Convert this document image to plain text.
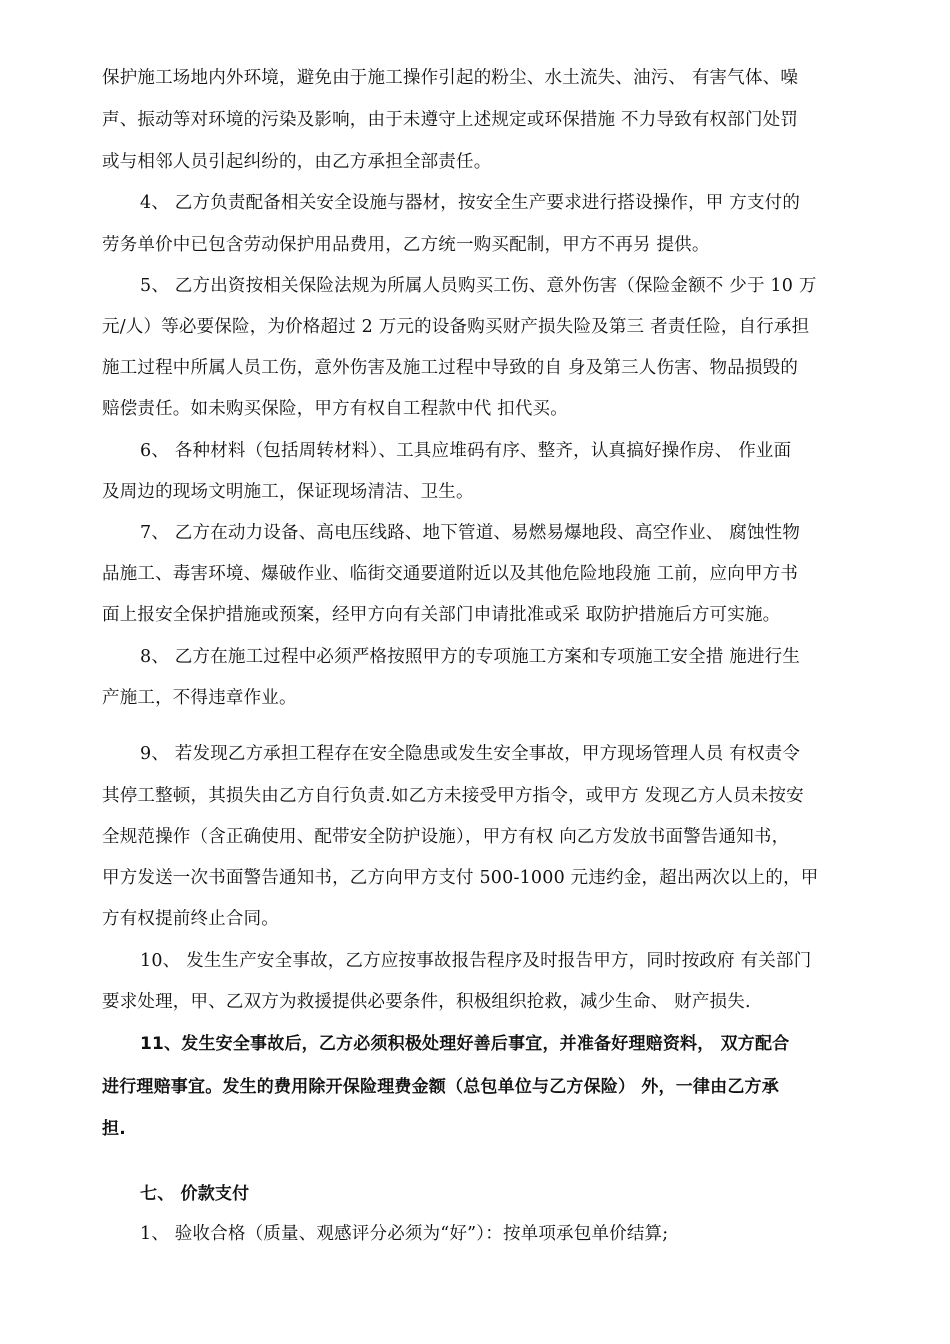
保护施工场地内外环境，避免由于施工操作引起的粉尘、水土流失、油污、 有害气体、噪
声、振动等对环境的污染及影响，由于未遵守上述规定或环保措施 不力导致有权部门处罚
或与相邻人员引起纠纷的，由乙方承担全部责任。
4、 乙方负责配备相关安全设施与器材，按安全生产要求进行搭设操作，甲 方支付的
劳务单价中已包含劳动保护用品费用，乙方统一购买配制，甲方不再另 提供。
5、 乙方出资按相关保险法规为所属人员购买工伤、意外伤害（保险金额不 少于 10 万
元/人）等必要保险，为价格超过 2 万元的设备购买财产损失险及第三 者责任险，自行承担
施工过程中所属人员工伤，意外伤害及施工过程中导致的自 身及第三人伤害、物品损毁的
赔偿责任。如未购买保险，甲方有权自工程款中代 扣代买。
6、 各种材料（包括周转材料）、工具应堆码有序、整齐，认真搞好操作房、 作业面
及周边的现场文明施工，保证现场清洁、卫生。
7、 乙方在动力设备、高电压线路、地下管道、易燃易爆地段、高空作业、 腐蚀性物
品施工、毒害环境、爆破作业、临街交通要道附近以及其他危险地段施 工前，应向甲方书
面上报安全保护措施或预案，经甲方向有关部门申请批准或采 取防护措施后方可实施。
8、 乙方在施工过程中必须严格按照甲方的专项施工方案和专项施工安全措 施进行生
产施工，不得违章作业。
9、 若发现乙方承担工程存在安全隐患或发生安全事故，甲方现场管理人员 有权责令
其停工整顿，其损失由乙方自行负责.如乙方未接受甲方指令，或甲方 发现乙方人员未按安
全规范操作（含正确使用、配带安全防护设施），甲方有权 向乙方发放书面警告通知书，
甲方发送一次书面警告通知书，乙方向甲方支付 500-1000 元违约金，超出两次以上的，甲
方有权提前终止合同。
10、 发生生产安全事故，乙方应按事故报告程序及时报告甲方，同时按政府 有关部门
要求处理，甲、乙双方为救援提供必要条件，积极组织抢救，减少生命、 财产损失.
11、发生安全事故后，乙方必须积极处理好善后事宜，并准备好理赔资料， 双方配合
进行理赔事宜。发生的费用除开保险理费金额（总包单位与乙方保险） 外，一律由乙方承
担.
七、 价款支付
1、 验收合格（质量、观感评分必须为“好”）：按单项承包单价结算;
